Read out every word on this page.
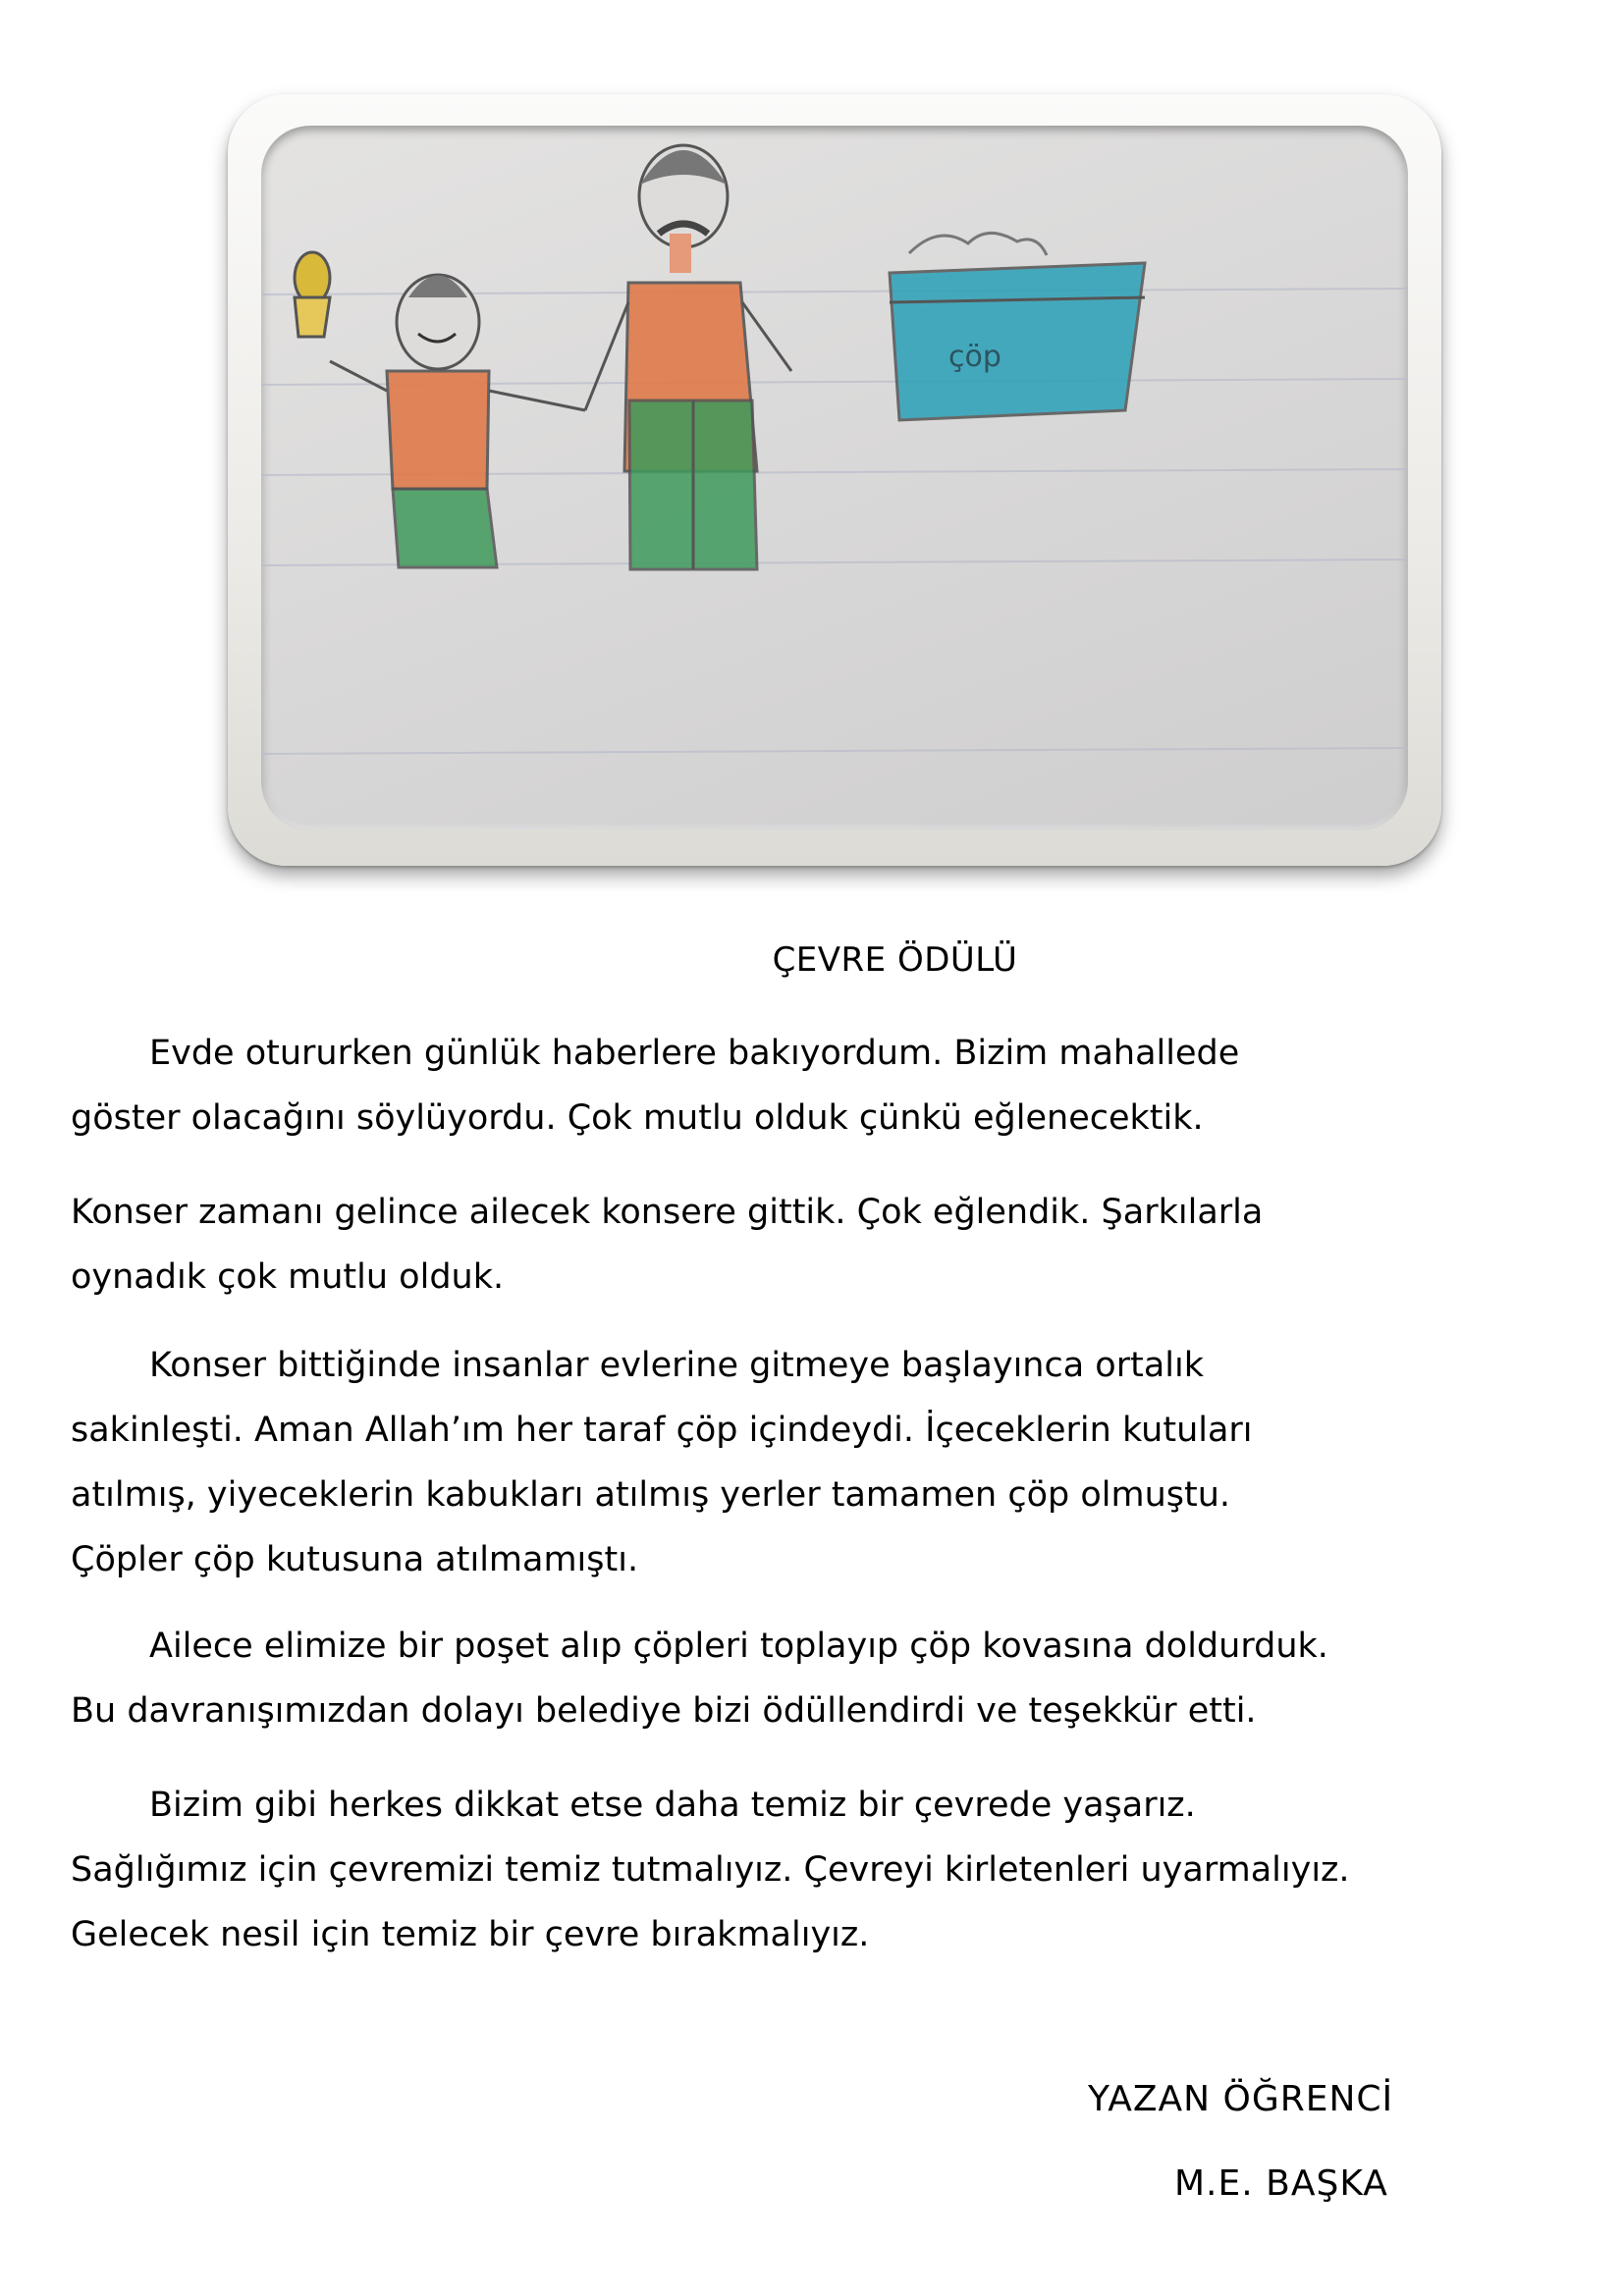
çöp
ÇEVRE ÖDÜLÜ
Evde otururken günlük haberlere bakıyordum. Bizim mahallede
göster olacağını söylüyordu. Çok mutlu olduk çünkü eğlenecektik.
Konser zamanı gelince ailecek konsere gittik. Çok eğlendik. Şarkılarla
oynadık çok mutlu olduk.
Konser bittiğinde insanlar evlerine gitmeye başlayınca ortalık
sakinleşti. Aman Allah’ım her taraf çöp içindeydi. İçeceklerin kutuları
atılmış, yiyeceklerin kabukları atılmış yerler tamamen çöp olmuştu.
Çöpler çöp kutusuna atılmamıştı.
Ailece elimize bir poşet alıp çöpleri toplayıp çöp kovasına doldurduk.
Bu davranışımızdan dolayı belediye bizi ödüllendirdi ve teşekkür etti.
Bizim gibi herkes dikkat etse daha temiz bir çevrede yaşarız.
Sağlığımız için çevremizi temiz tutmalıyız. Çevreyi kirletenleri uyarmalıyız.
Gelecek nesil için temiz bir çevre bırakmalıyız.
YAZAN ÖĞRENCİ
M.E. BAŞKA
